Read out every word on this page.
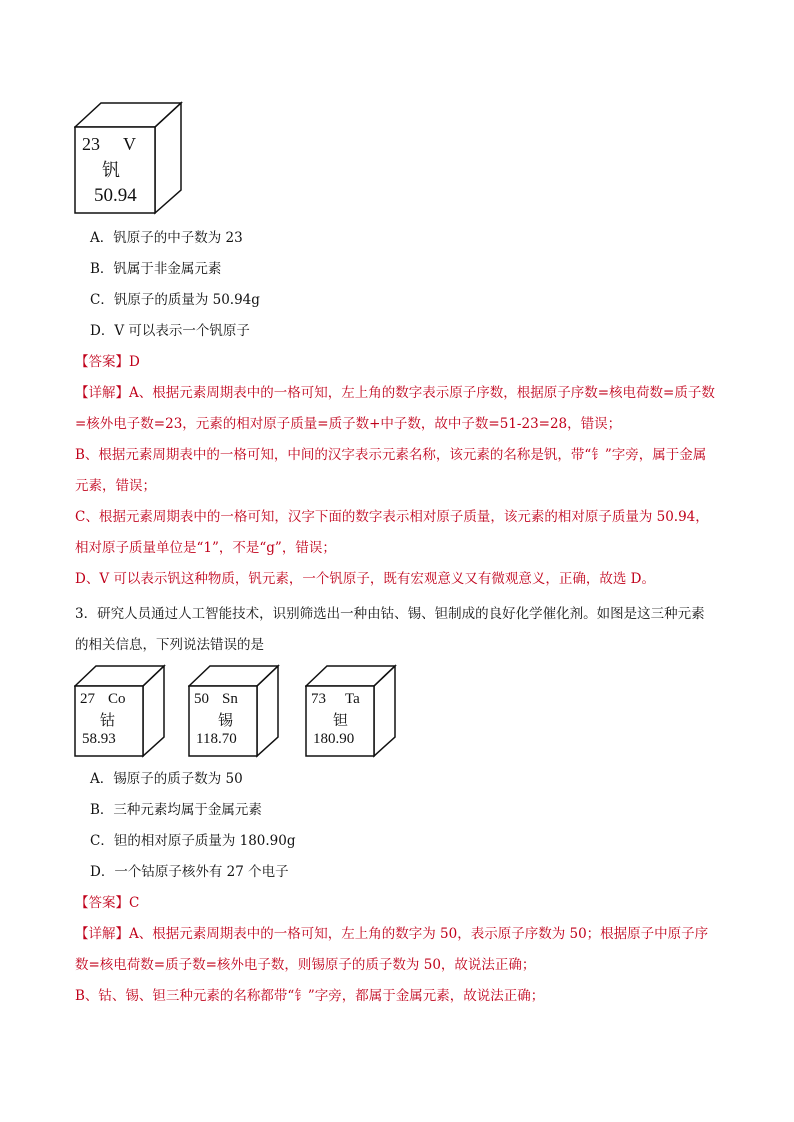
23 V
钒
50.94
A．钒原子的中子数为 23
B．钒属于非金属元素
C．钒原子的质量为 50.94g
D．V 可以表示一个钒原子
【答案】D
【详解】A、根据元素周期表中的一格可知，左上角的数字表示原子序数，根据原子序数=核电荷数=质子数
=核外电子数=23，元素的相对原子质量=质子数+中子数，故中子数=51-23=28，错误；
B、根据元素周期表中的一格可知，中间的汉字表示元素名称，该元素的名称是钒，带“钅”字旁，属于金属
元素，错误；
C、根据元素周期表中的一格可知，汉字下面的数字表示相对原子质量，该元素的相对原子质量为 50.94，
相对原子质量单位是“1”，不是“g”，错误；
D、V 可以表示钒这种物质，钒元素，一个钒原子，既有宏观意义又有微观意义，正确，故选 D。
3．研究人员通过人工智能技术，识别筛选出一种由钴、锡、钽制成的良好化学催化剂。如图是这三种元素
的相关信息，下列说法错误的是
27 Co
钴
58.93
50 Sn
锡
118.70
73 Ta
钽
180.90
A．锡原子的质子数为 50
B．三种元素均属于金属元素
C．钽的相对原子质量为 180.90g
D．一个钴原子核外有 27 个电子
【答案】C
【详解】A、根据元素周期表中的一格可知，左上角的数字为 50，表示原子序数为 50；根据原子中原子序
数=核电荷数=质子数=核外电子数，则锡原子的质子数为 50，故说法正确；
B、钴、锡、钽三种元素的名称都带“钅”字旁，都属于金属元素，故说法正确；
